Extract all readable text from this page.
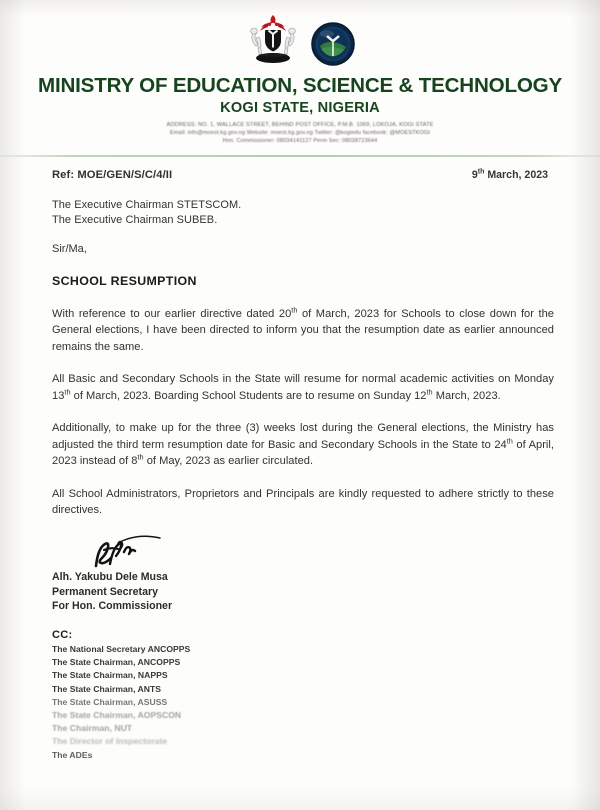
MINISTRY OF EDUCATION, SCIENCE & TECHNOLOGY
KOGI STATE, NIGERIA

ADDRESS: NO. 1, WALLACE STREET, BEHIND POST OFFICE, P.M.B. 1069, LOKOJA, KOGI STATE

Email: info@moest.kg.gov.ng Website: moest.kg.gov.ng Twitter: @kogiedu facebook: @MOESTKOGI

Hon. Commissioner: 08034141127 Perm Sec: 08038723644

Ref: MOE/GEN/S/C/4/II	9th March, 2023
The Executive Chairman STETSCOM.
The Executive Chairman SUBEB.
Sir/Ma,
SCHOOL RESUMPTION

With reference to our earlier directive dated 20th of March, 2023 for Schools to close down for the General elections, I have been directed to inform you that the resumption date as earlier announced remains the same.

All Basic and Secondary Schools in the State will resume for normal academic activities on Monday 13th of March, 2023. Boarding School Students are to resume on Sunday 12th March, 2023.

Additionally, to make up for the three (3) weeks lost during the General elections, the Ministry has adjusted the third term resumption date for Basic and Secondary Schools in the State to 24th of April, 2023 instead of 8th of May, 2023 as earlier circulated.

All School Administrators, Proprietors and Principals are kindly requested to adhere strictly to these directives.

Alh. Yakubu Dele Musa
Permanent Secretary
For Hon. Commissioner
CC:
The National Secretary ANCOPPS
The State Chairman, ANCOPPS
The State Chairman, NAPPS
The State Chairman, ANTS
The State Chairman, ASUSS
The State Chairman, AOPSCON
The Chairman, NUT
The Director of Inspectorate
The ADEs
